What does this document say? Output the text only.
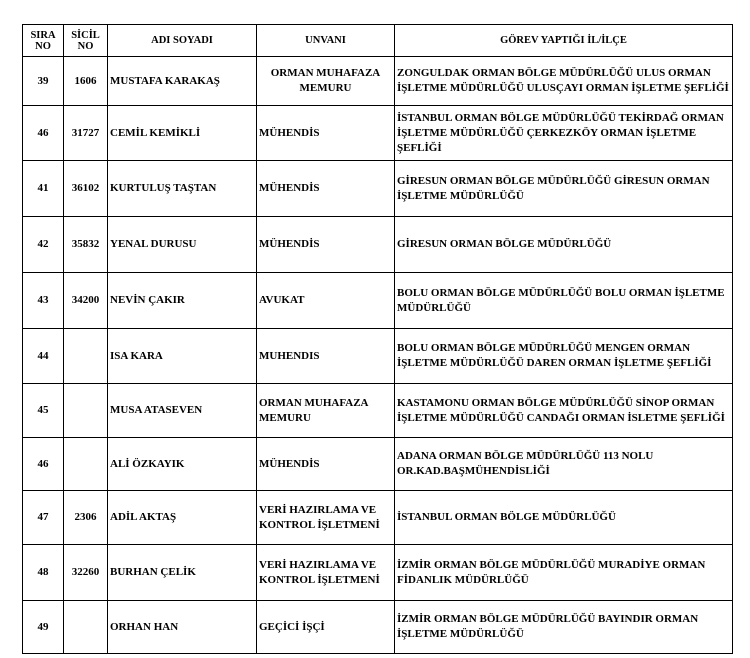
SIRA NO	SİCİL NO	ADI SOYADI	UNVANI	GÖREV YAPTIĞI İL/İLÇE
39	1606	MUSTAFA KARAKAŞ	ORMAN MUHAFAZA MEMURU	ZONGULDAK ORMAN BÖLGE MÜDÜRLÜĞÜ ULUS ORMAN İŞLETME MÜDÜRLÜĞÜ ULUSÇAYI ORMAN İŞLETME ŞEFLİĞİ
46	31727	CEMİL KEMİKLİ	MÜHENDİS	İSTANBUL ORMAN BÖLGE MÜDÜRLÜĞÜ TEKİRDAĞ ORMAN İŞLETME MÜDÜRLÜĞÜ ÇERKEZKÖY ORMAN İŞLETME ŞEFLİĞİ
41	36102	KURTULUŞ TAŞTAN	MÜHENDİS	GİRESUN ORMAN BÖLGE MÜDÜRLÜĞÜ GİRESUN ORMAN İŞLETME MÜDÜRLÜĞÜ
42	35832	YENAL DURUSU	MÜHENDİS	GİRESUN ORMAN BÖLGE MÜDÜRLÜĞÜ
43	34200	NEVİN ÇAKIR	AVUKAT	BOLU ORMAN BÖLGE MÜDÜRLÜĞÜ BOLU ORMAN İŞLETME MÜDÜRLÜĞÜ
44		ISA KARA	MUHENDIS	BOLU ORMAN BÖLGE MÜDÜRLÜĞÜ MENGEN ORMAN İŞLETME MÜDÜRLÜĞÜ DAREN ORMAN İŞLETME ŞEFLİĞİ
45		MUSA ATASEVEN	ORMAN MUHAFAZA MEMURU	KASTAMONU ORMAN BÖLGE MÜDÜRLÜĞÜ SİNOP ORMAN İŞLETME MÜDÜRLÜĞÜ CANDAĞI ORMAN İSLETME ŞEFLİĞİ
46		ALİ ÖZKAYIK	MÜHENDİS	ADANA ORMAN BÖLGE MÜDÜRLÜĞÜ 113 NOLU OR.KAD.BAŞMÜHENDİSLİĞİ
47	2306	ADİL AKTAŞ	VERİ HAZIRLAMA VE KONTROL İŞLETMENİ	İSTANBUL ORMAN BÖLGE MÜDÜRLÜĞÜ
48	32260	BURHAN ÇELİK	VERİ HAZIRLAMA VE KONTROL İŞLETMENİ	İZMİR ORMAN BÖLGE MÜDÜRLÜĞÜ MURADİYE ORMAN FİDANLIK MÜDÜRLÜĞÜ
49		ORHAN HAN	GEÇİCİ İŞÇİ	İZMİR ORMAN BÖLGE MÜDÜRLÜĞÜ BAYINDIR ORMAN İŞLETME MÜDÜRLÜĞÜ
